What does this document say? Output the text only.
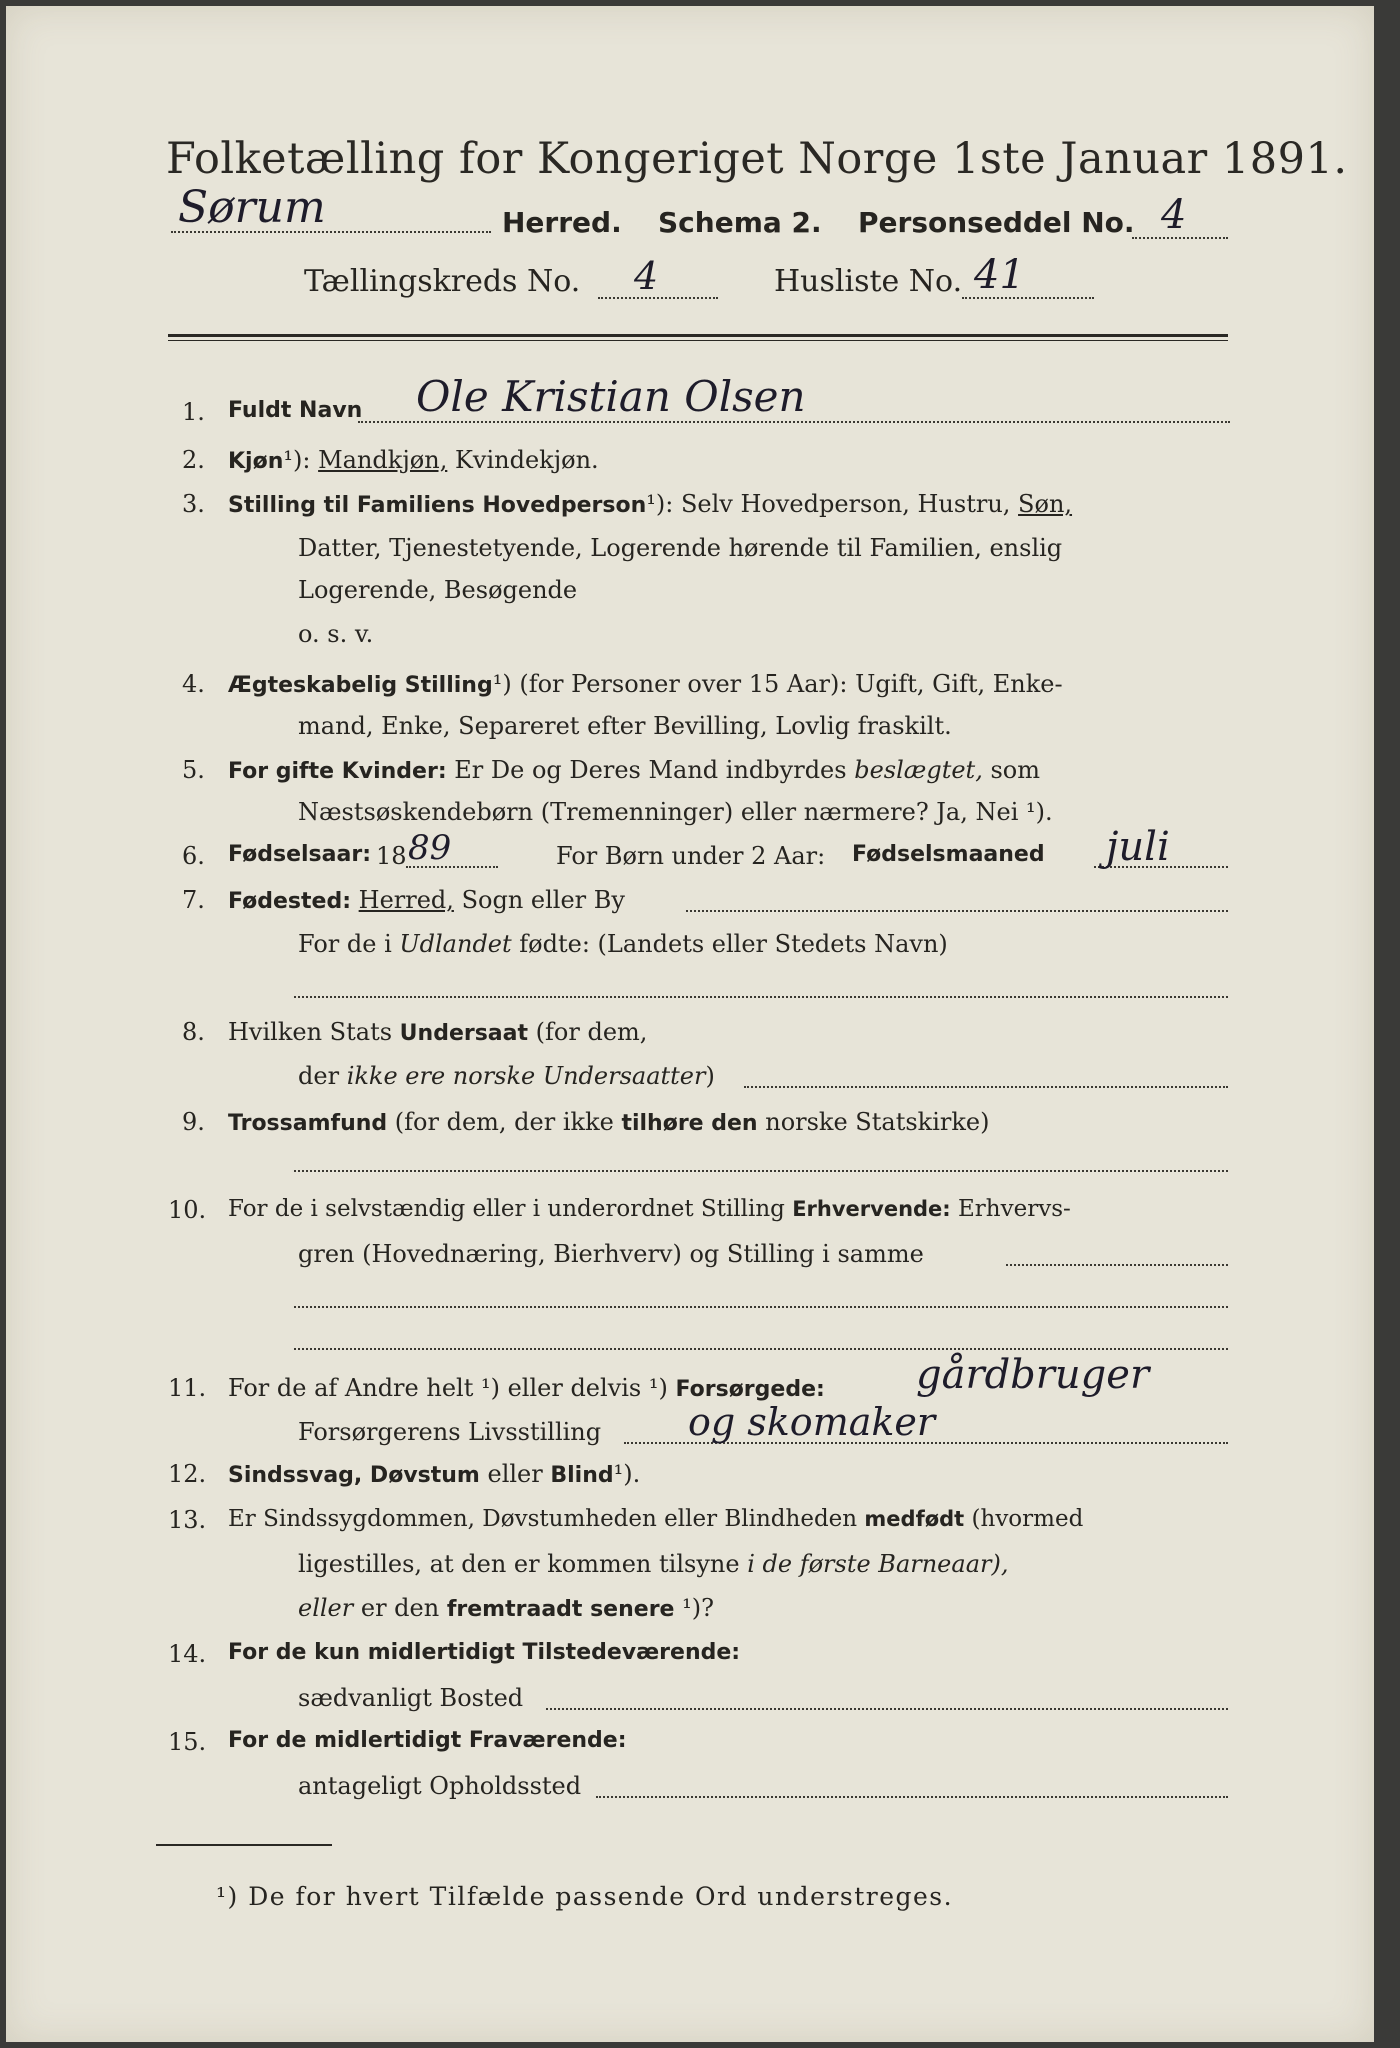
Folketælling for Kongeriget Norge 1ste Januar 1891.
Sørum	Herred. Schema 2. Personseddel No. 4
Tællingskreds No. 4	Husliste No. 41
1. Fuldt Navn Ole Kristian Olsen
2. Kjøn¹): Mandkjøn, Kvindekjøn.
3. Stilling til Familiens Hovedperson¹): Selv Hovedperson, Hustru, Søn,
Datter, Tjenestetyende, Logerende hørende til Familien, enslig
Logerende, Besøgende
o. s. v.
4. Ægteskabelig Stilling¹) (for Personer over 15 Aar): Ugift, Gift, Enke-
mand, Enke, Separeret efter Bevilling, Lovlig fraskilt.
5. For gifte Kvinder: Er De og Deres Mand indbyrdes beslægtet, som
Næstsøskendebørn (Tremenninger) eller nærmere? Ja, Nei ¹).
6. Fødselsaar: 18 89	For Børn under 2 Aar: Fødselsmaaned juli
7. Fødested: Herred, Sogn eller By
For de i Udlandet fødte: (Landets eller Stedets Navn)
8. Hvilken Stats Undersaat (for dem,
der ikke ere norske Undersaatter)
9. Trossamfund (for dem, der ikke tilhøre den norske Statskirke)
10. For de i selvstændig eller i underordnet Stilling Erhvervende: Erhvervs-
gren (Hovednæring, Bierhverv) og Stilling i samme
11. For de af Andre helt ¹) eller delvis ¹) Forsørgede: gårdbruger
Forsørgerens Livsstilling og skomaker
12. Sindssvag, Døvstum eller Blind¹).
13. Er Sindssygdommen, Døvstumheden eller Blindheden medfødt (hvormed
ligestilles, at den er kommen tilsyne i de første Barneaar),
eller er den fremtraadt senere ¹)?
14. For de kun midlertidigt Tilstedeværende:
sædvanligt Bosted
15. For de midlertidigt Fraværende:
antageligt Opholdssted
¹) De for hvert Tilfælde passende Ord understreges.
